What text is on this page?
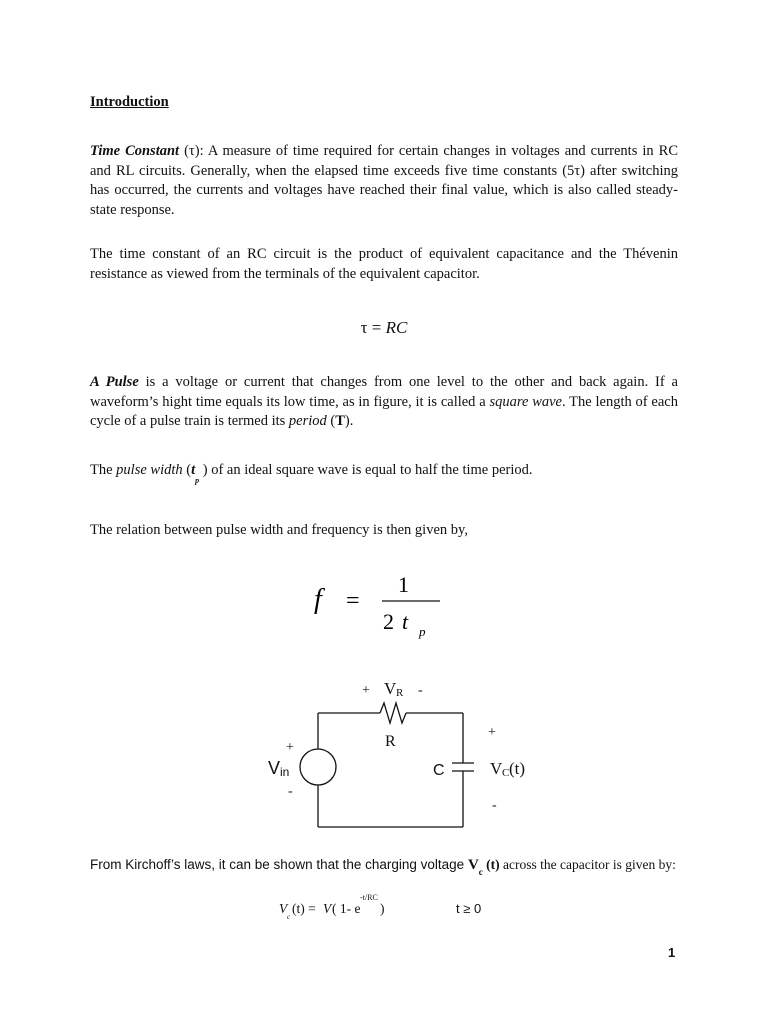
Introduction
Time Constant (τ): A measure of time required for certain changes in voltages and currents in RC and RL circuits. Generally, when the elapsed time exceeds five time constants (5τ) after switching has occurred, the currents and voltages have reached their final value, which is also called steady-state response.
The time constant of an RC circuit is the product of equivalent capacitance and the Thévenin resistance as viewed from the terminals of the equivalent capacitor.
τ = RC
A Pulse is a voltage or current that changes from one level to the other and back again. If a waveform’s hight time equals its low time, as in figure, it is called a square wave. The length of each cycle of a pulse train is termed its period (T).
The pulse width ($t_p$ ) of an ideal square wave is equal to half the time period.
The relation between pulse width and frequency is then given by,
f =
1
2 t p
+ V R -
R
+
V in
-
C
+
V C (t)
-
From Kirchoff’s laws, it can be shown that the charging voltage $V_c$ (t) across the capacitor is given by:
V
c
(t) = V ( 1- e
-t/RC
)	t ≥ 0
1
